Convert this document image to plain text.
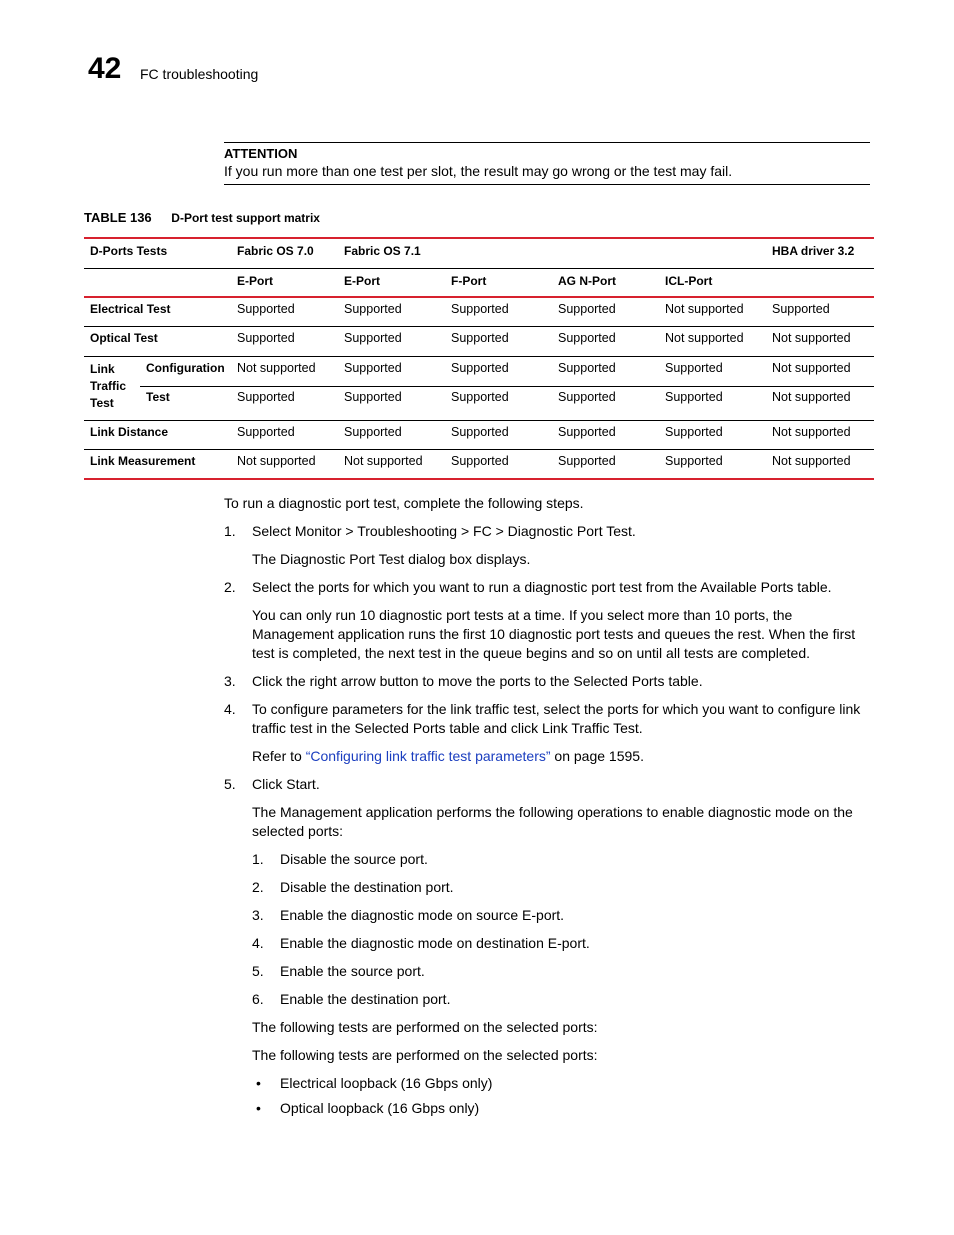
42 FC troubleshooting
ATTENTION
If you run more than one test per slot, the result may go wrong or the test may fail.
TABLE 136 D-Port test support matrix
D-Ports Tests		Fabric OS 7.0	Fabric OS 7.1				HBA driver 3.2
		E-Port	E-Port	F-Port	AG N-Port	ICL-Port	
Electrical Test		Supported	Supported	Supported	Supported	Not supported	Supported
Optical Test		Supported	Supported	Supported	Supported	Not supported	Not supported
Link Traffic Test	Configuration	Not supported	Supported	Supported	Supported	Supported	Not supported
	Test	Supported	Supported	Supported	Supported	Supported	Not supported
Link Distance		Supported	Supported	Supported	Supported	Supported	Not supported
Link Measurement		Not supported	Not supported	Supported	Supported	Supported	Not supported

To run a diagnostic port test, complete the following steps.

1. Select Monitor > Troubleshooting > FC > Diagnostic Port Test.

The Diagnostic Port Test dialog box displays.

2. Select the ports for which you want to run a diagnostic port test from the Available Ports table.

You can only run 10 diagnostic port tests at a time. If you select more than 10 ports, the Management application runs the first 10 diagnostic port tests and queues the rest. When the first test is completed, the next test in the queue begins and so on until all tests are completed.

3. Click the right arrow button to move the ports to the Selected Ports table.

4. To configure parameters for the link traffic test, select the ports for which you want to configure link traffic test in the Selected Ports table and click Link Traffic Test.

Refer to “Configuring link traffic test parameters” on page 1595.

5. Click Start.

The Management application performs the following operations to enable diagnostic mode on the selected ports:

1. Disable the source port.

2. Disable the destination port.

3. Enable the diagnostic mode on source E-port.

4. Enable the diagnostic mode on destination E-port.

5. Enable the source port.

6. Enable the destination port.

The following tests are performed on the selected ports:

The following tests are performed on the selected ports:

• Electrical loopback (16 Gbps only)

• Optical loopback (16 Gbps only)
